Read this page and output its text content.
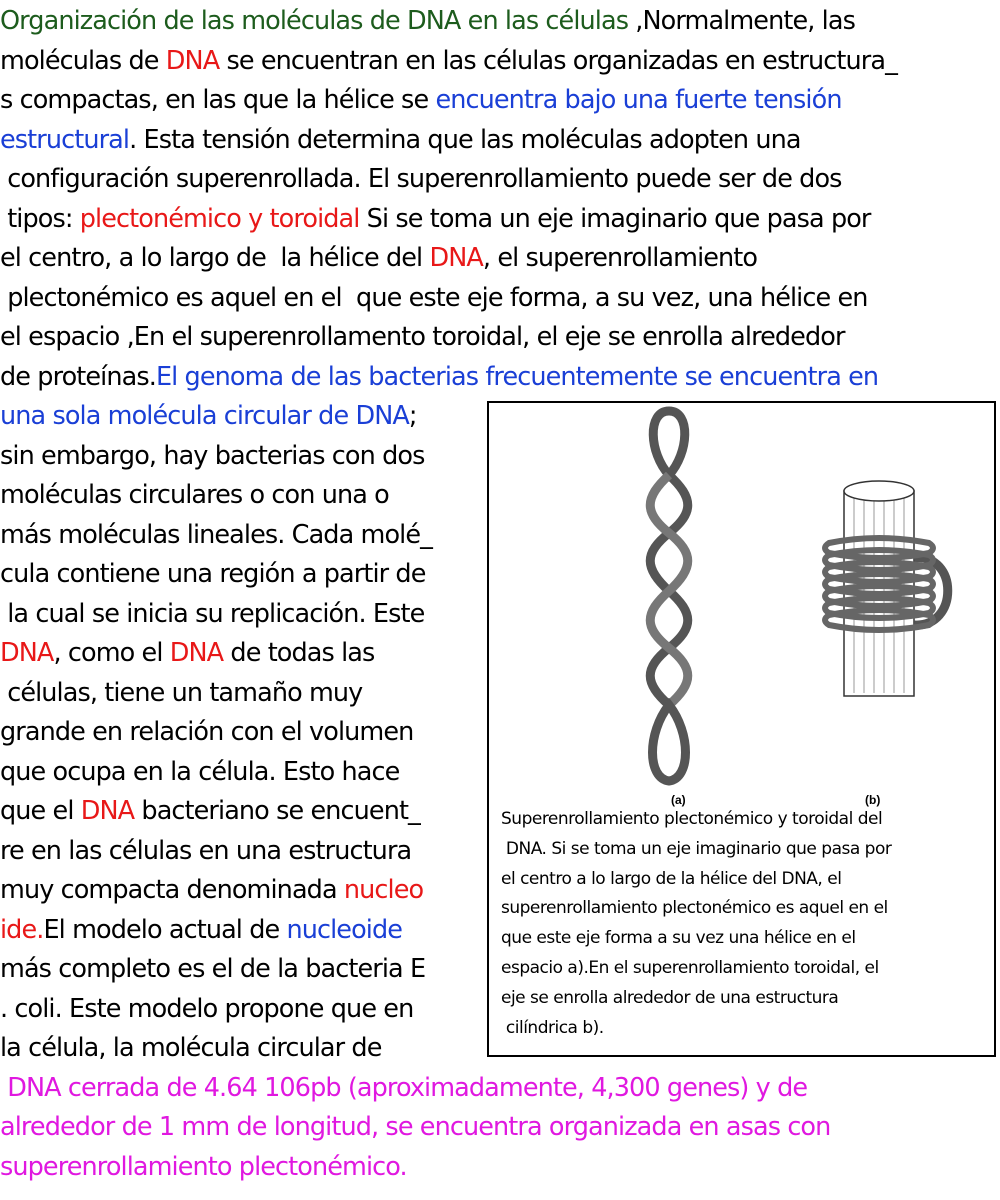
Organización de las moléculas de DNA en las células ,Normalmente, las
moléculas de DNA se encuentran en las células organizadas en estructura_
s compactas, en las que la hélice se encuentra bajo una fuerte tensión
estructural. Esta tensión determina que las moléculas adopten una
configuración superenrollada. El superenrollamiento puede ser de dos
tipos: plectonémico y toroidal Si se toma un eje imaginario que pasa por
el centro, a lo largo de  la hélice del DNA, el superenrollamiento
plectonémico es aquel en el  que este eje forma, a su vez, una hélice en
el espacio ,En el superenrollamento toroidal, el eje se enrolla alrededor
de proteínas.El genoma de las bacterias frecuentemente se encuentra en
una sola molécula circular de DNA;
sin embargo, hay bacterias con dos
moléculas circulares o con una o
más moléculas lineales. Cada molé_
cula contiene una región a partir de
la cual se inicia su replicación. Este
DNA, como el DNA de todas las
células, tiene un tamaño muy
grande en relación con el volumen
que ocupa en la célula. Esto hace
que el DNA bacteriano se encuent_
re en las células en una estructura
muy compacta denominada nucleo
ide.El modelo actual de nucleoide
más completo es el de la bacteria E
. coli. Este modelo propone que en
la célula, la molécula circular de
DNA cerrada de 4.64 106pb (aproximadamente, 4,300 genes) y de
alrededor de 1 mm de longitud, se encuentra organizada en asas con
superenrollamiento plectonémico.
(a)	(b)
Superenrollamiento plectonémico y toroidal del
DNA. Si se toma un eje imaginario que pasa por
el centro a lo largo de la hélice del DNA, el
superenrollamiento plectonémico es aquel en el
que este eje forma a su vez una hélice en el
espacio a).En el superenrollamiento toroidal, el
eje se enrolla alrededor de una estructura
cilíndrica b).
